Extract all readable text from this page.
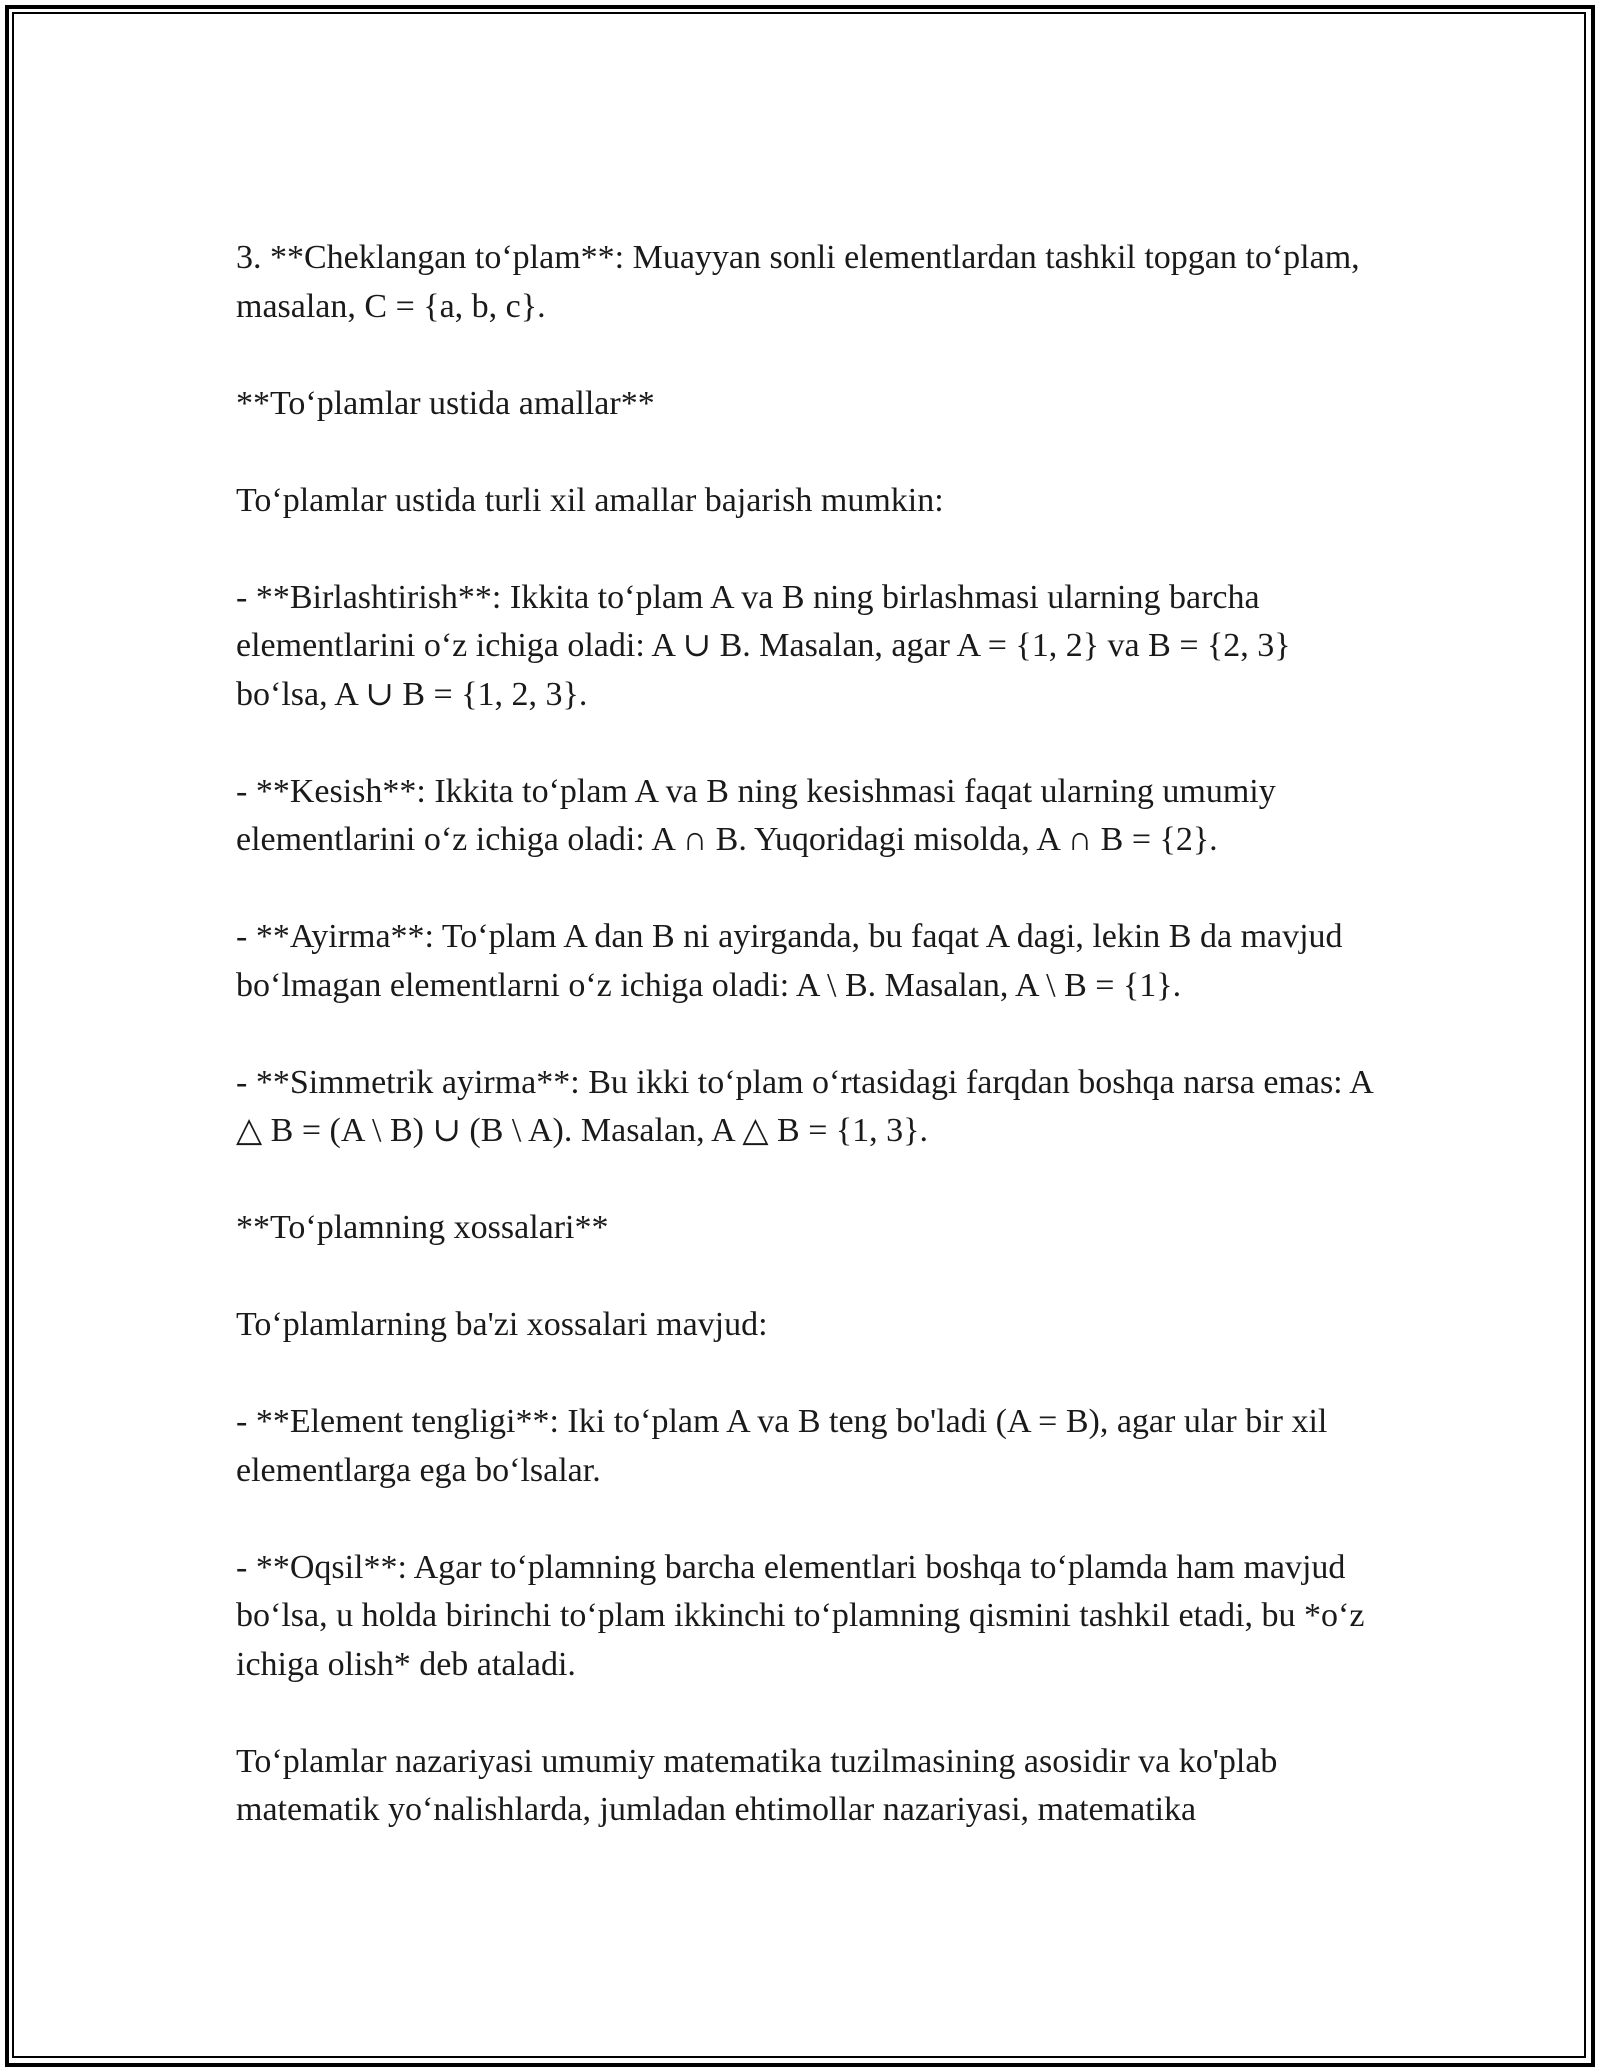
3. **Cheklangan to‘plam**: Muayyan sonli elementlardan tashkil topgan to‘plam, masalan, C = {a, b, c}.

**To‘plamlar ustida amallar**

To‘plamlar ustida turli xil amallar bajarish mumkin:

- **Birlashtirish**: Ikkita to‘plam A va B ning birlashmasi ularning barcha elementlarini o‘z ichiga oladi: A ∪ B. Masalan, agar A = {1, 2} va B = {2, 3} bo‘lsa, A ∪ B = {1, 2, 3}.

- **Kesish**: Ikkita to‘plam A va B ning kesishmasi faqat ularning umumiy elementlarini o‘z ichiga oladi: A ∩ B. Yuqoridagi misolda, A ∩ B = {2}.

- **Ayirma**: To‘plam A dan B ni ayirganda, bu faqat A dagi, lekin B da mavjud bo‘lmagan elementlarni o‘z ichiga oladi: A \ B. Masalan, A \ B = {1}.

- **Simmetrik ayirma**: Bu ikki to‘plam o‘rtasidagi farqdan boshqa narsa emas: A △ B = (A \ B) ∪ (B \ A). Masalan, A △ B = {1, 3}.

**To‘plamning xossalari**

To‘plamlarning ba'zi xossalari mavjud:

- **Element tengligi**: Iki to‘plam A va B teng bo'ladi (A = B), agar ular bir xil elementlarga ega bo‘lsalar.

- **Oqsil**: Agar to‘plamning barcha elementlari boshqa to‘plamda ham mavjud bo‘lsa, u holda birinchi to‘plam ikkinchi to‘plamning qismini tashkil etadi, bu *o‘z ichiga olish* deb ataladi.

To‘plamlar nazariyasi umumiy matematika tuzilmasining asosidir va ko'plab matematik yo‘nalishlarda, jumladan ehtimollar nazariyasi, matematika
